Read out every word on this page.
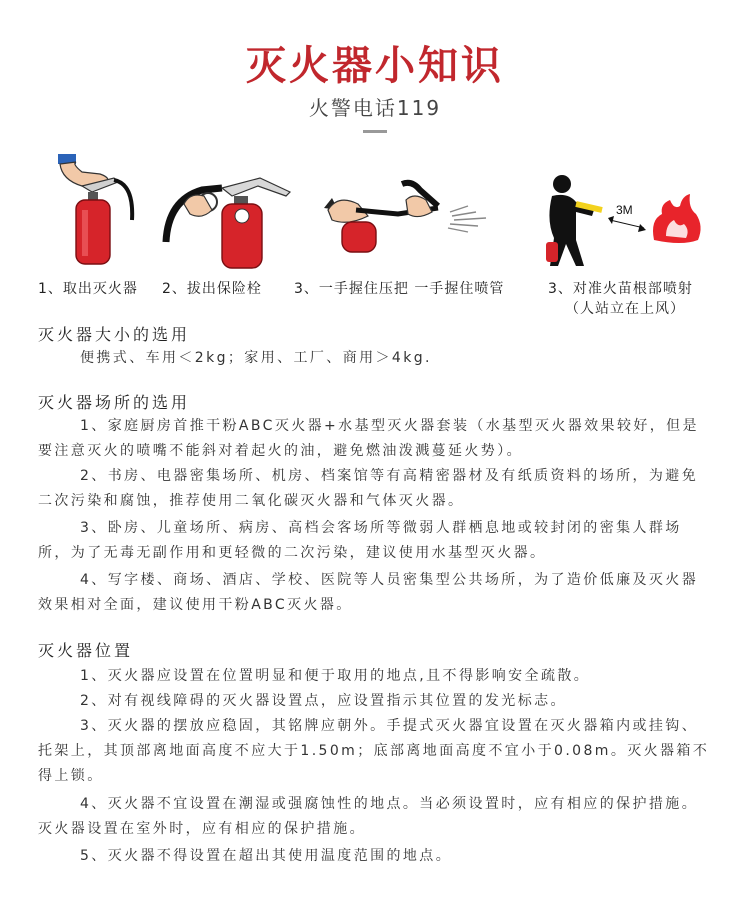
灭火器小知识
火警电话119
1、取出灭火器 2、拔出保险栓 3、一手握住压把 一手握住喷管
3M
3、对准火苗根部喷射
（人站立在上风）
灭火器大小的选用
便携式、车用＜2kg；家用、工厂、商用＞4kg.
灭火器场所的选用
1、家庭厨房首推干粉ABC灭火器+水基型灭火器套装（水基型灭火器效果较好，但是要注意灭火的喷嘴不能斜对着起火的油，避免燃油泼溅蔓延火势）。
2、书房、电器密集场所、机房、档案馆等有高精密器材及有纸质资料的场所，为避免二次污染和腐蚀，推荐使用二氧化碳灭火器和气体灭火器。
3、卧房、儿童场所、病房、高档会客场所等微弱人群栖息地或较封闭的密集人群场所，为了无毒无副作用和更轻微的二次污染，建议使用水基型灭火器。
4、写字楼、商场、酒店、学校、医院等人员密集型公共场所，为了造价低廉及灭火器效果相对全面，建议使用干粉ABC灭火器。
灭火器位置
1、灭火器应设置在位置明显和便于取用的地点,且不得影响安全疏散。
2、对有视线障碍的灭火器设置点，应设置指示其位置的发光标志。
3、灭火器的摆放应稳固，其铭牌应朝外。手提式灭火器宜设置在灭火器箱内或挂钩、托架上，其顶部离地面高度不应大于1.50m；底部离地面高度不宜小于0.08m。灭火器箱不得上锁。
4、灭火器不宜设置在潮湿或强腐蚀性的地点。当必须设置时，应有相应的保护措施。灭火器设置在室外时，应有相应的保护措施。
5、灭火器不得设置在超出其使用温度范围的地点。
